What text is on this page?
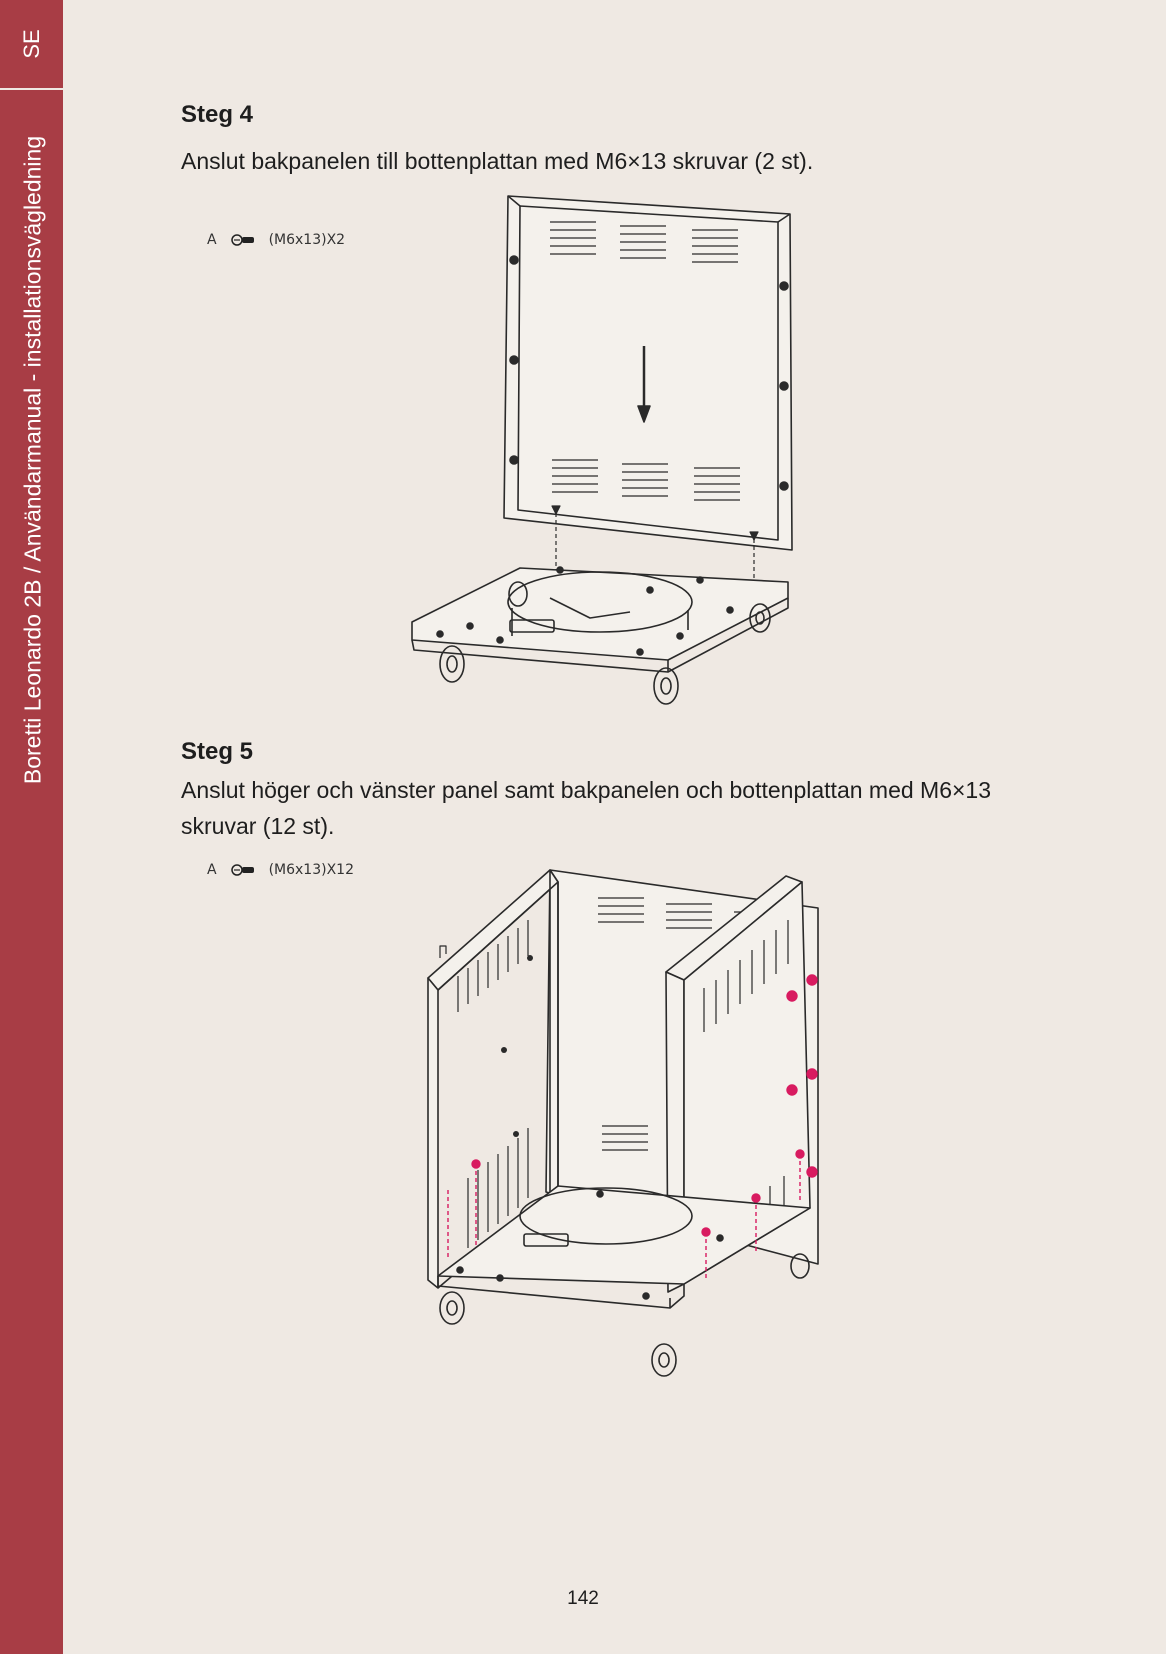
SE
Boretti Leonardo 2B / Användarmanual - installationsvägledning
Steg 4

Anslut bakpanelen till bottenplattan med M6×13 skruvar (2 st).

A	(M6x13)X2
Steg 5

Anslut höger och vänster panel samt bakpanelen och bottenplattan med M6×13 skruvar (12 st).

A	(M6x13)X12
142
